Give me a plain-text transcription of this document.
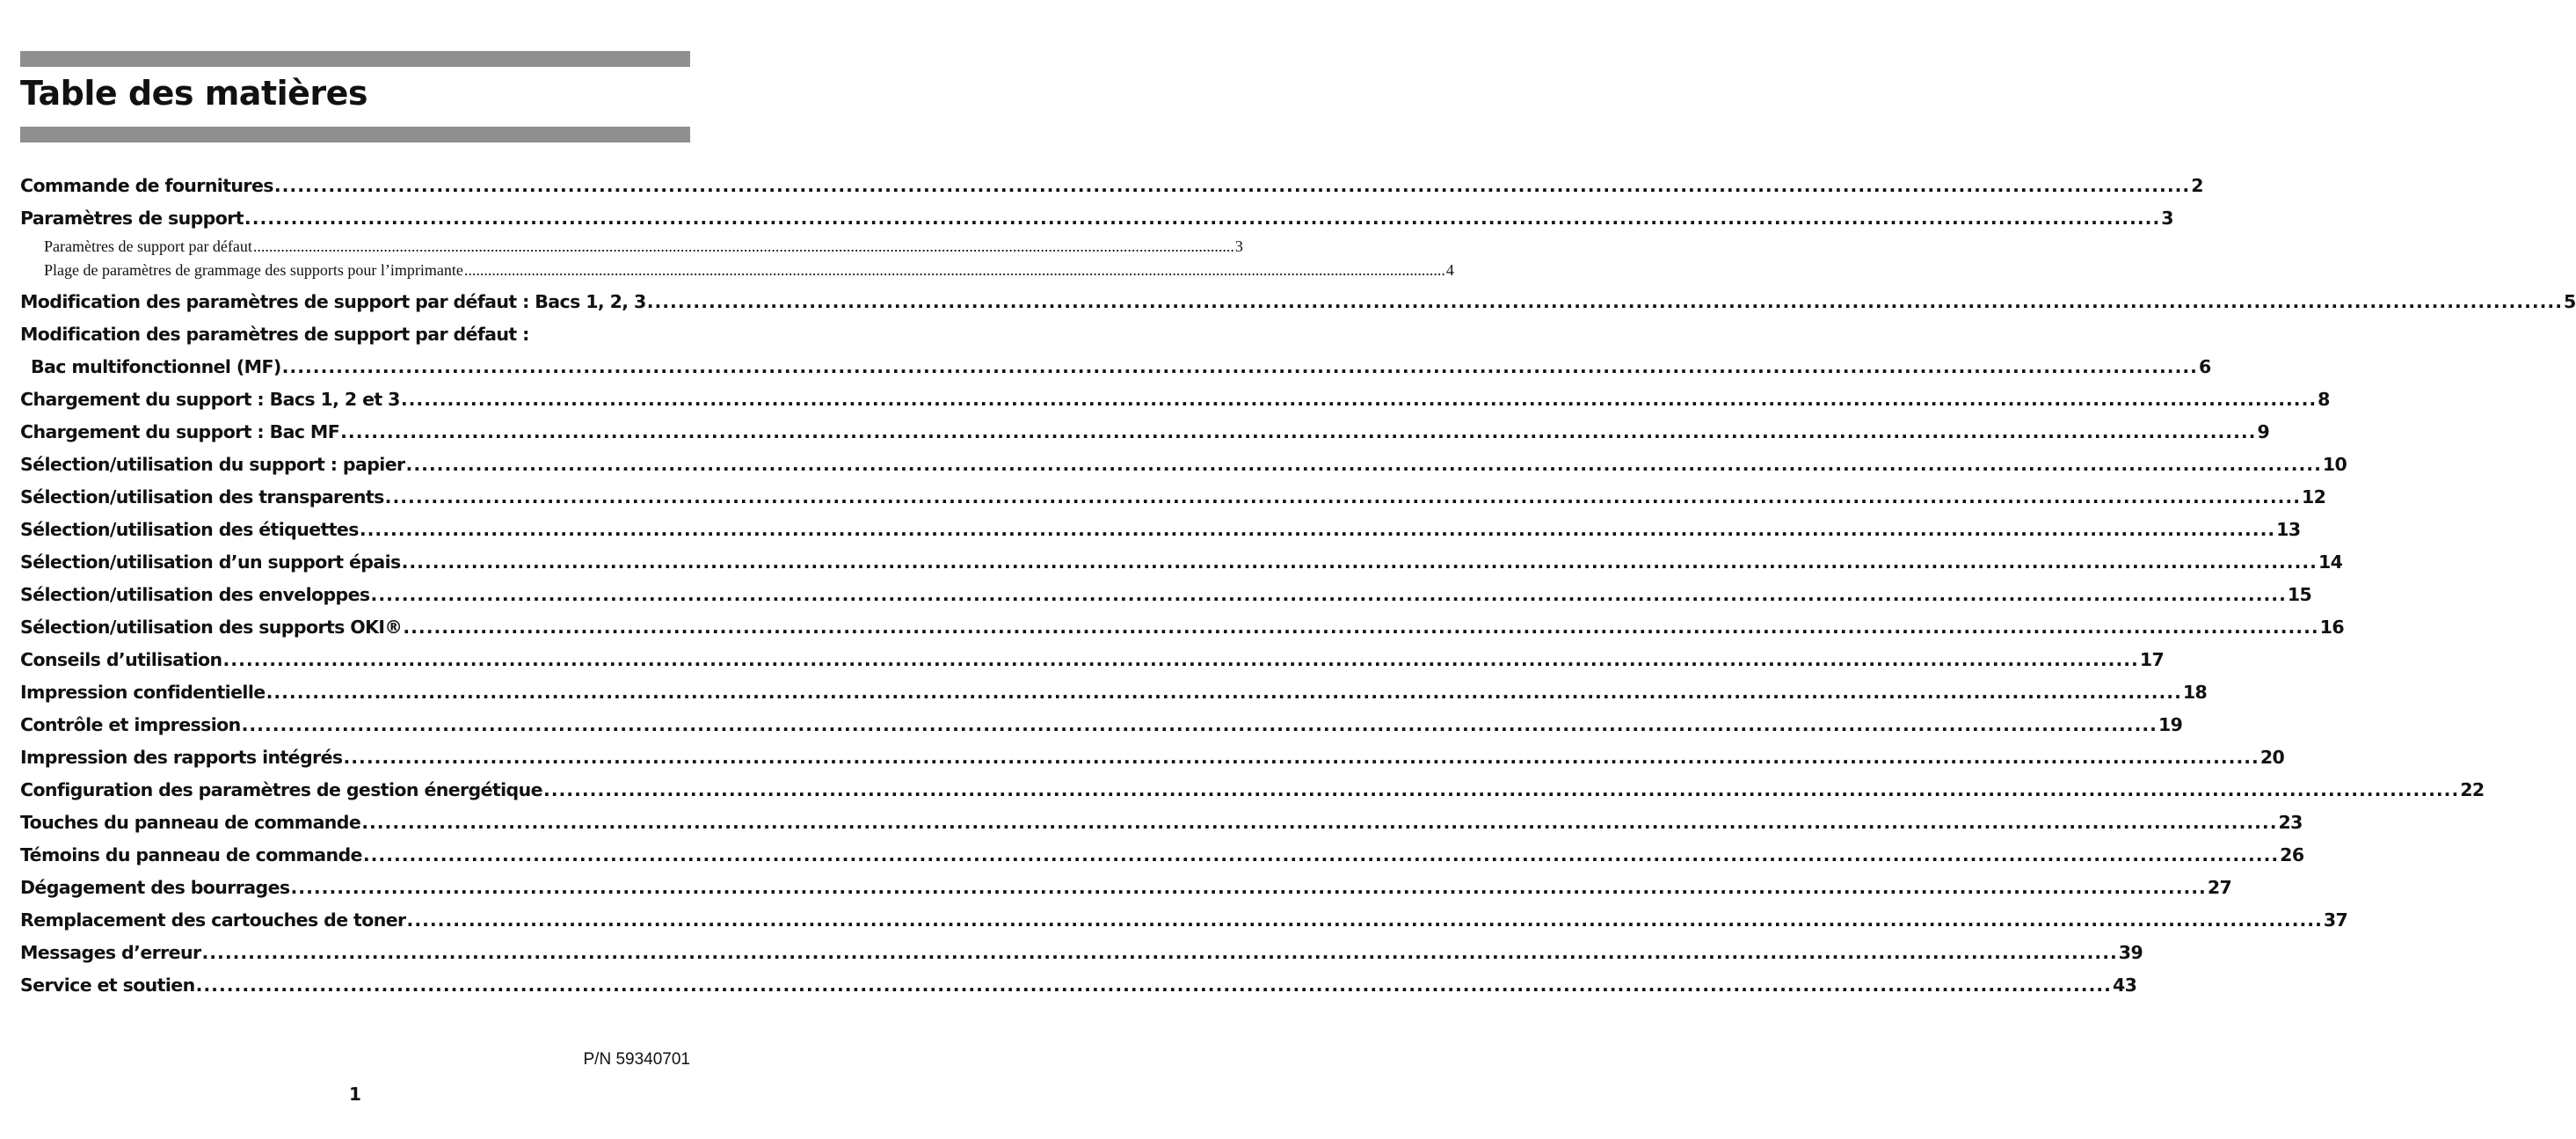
Table des matières
Commande de fournitures .....	2
Paramètres de support .....	3
Paramètres de support par défaut .....	3
Plage de paramètres de grammage des supports pour l’imprimante .....	4
Modification des paramètres de support par défaut : Bacs 1, 2, 3 .....	5
Modification des paramètres de support par défaut :
Bac multifonctionnel (MF) .....	6
Chargement du support : Bacs 1, 2 et 3 .....	8
Chargement du support : Bac MF .....	9
Sélection/utilisation du support : papier .....	10
Sélection/utilisation des transparents .....	12
Sélection/utilisation des étiquettes .....	13
Sélection/utilisation d’un support épais .....	14
Sélection/utilisation des enveloppes .....	15
Sélection/utilisation des supports OKI® .....	16
Conseils d’utilisation .....	17
Impression confidentielle .....	18
Contrôle et impression .....	19
Impression des rapports intégrés .....	20
Configuration des paramètres de gestion énergétique .....	22
Touches du panneau de commande .....	23
Témoins du panneau de commande .....	26
Dégagement des bourrages .....	27
Remplacement des cartouches de toner .....	37
Messages d’erreur .....	39
Service et soutien .....	43
P/N 59340701
1
